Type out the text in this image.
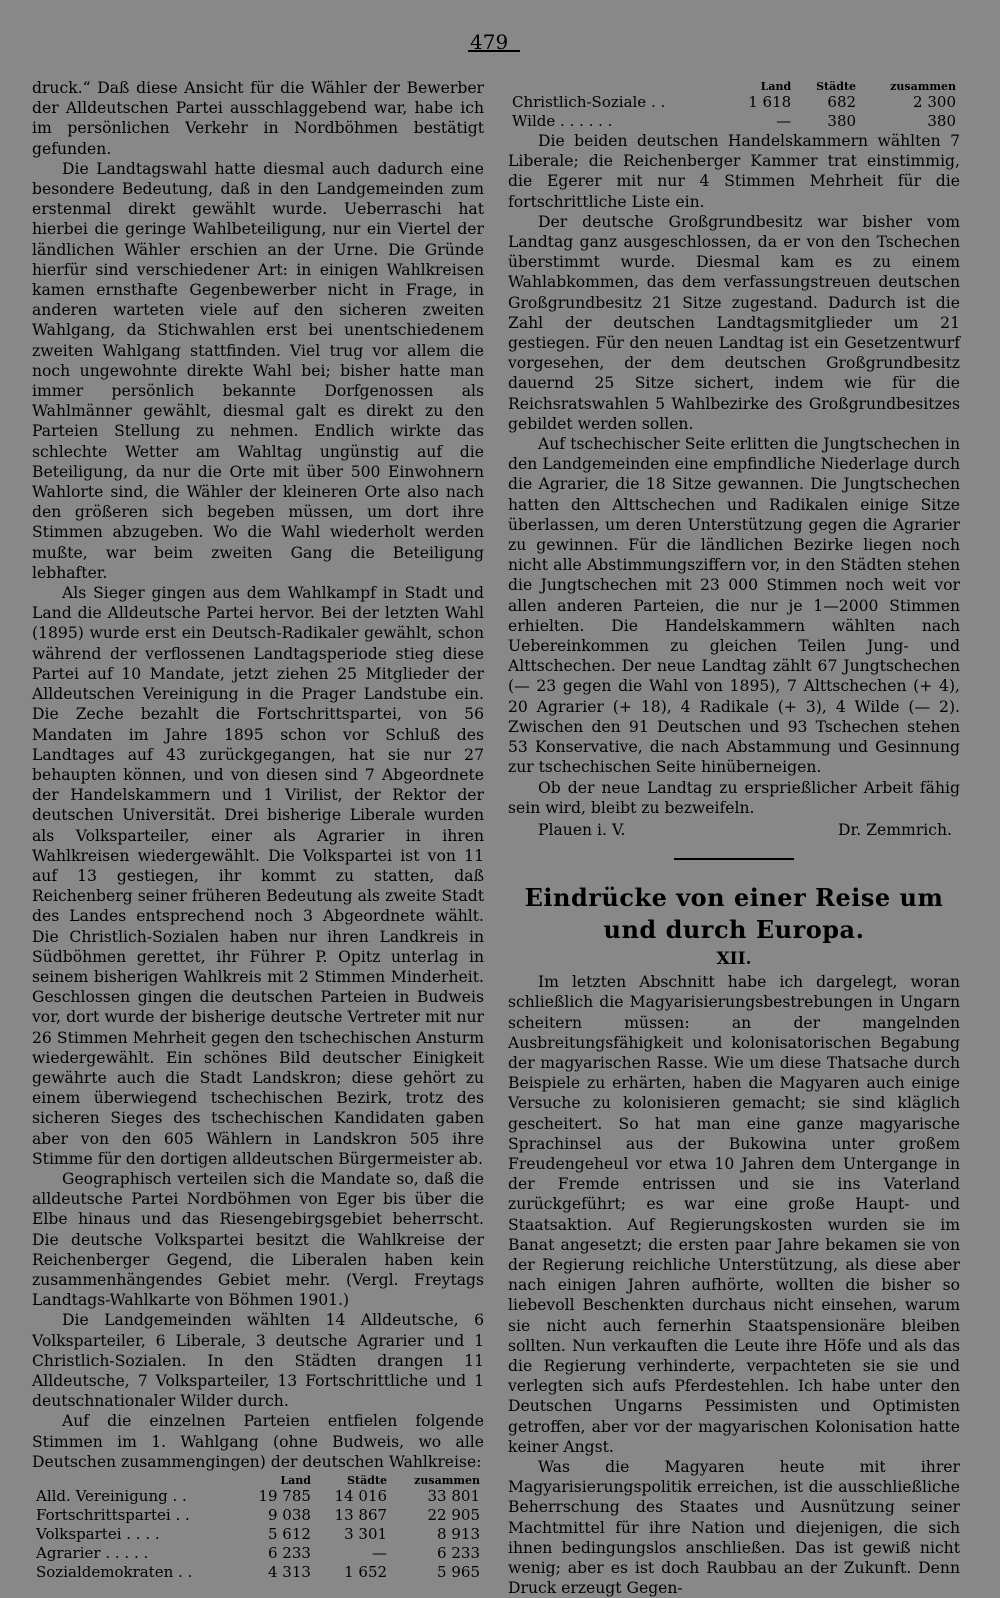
479

druck.“ Daß diese Ansicht für die Wähler der Bewerber der Alldeutschen Partei ausschlaggebend war, habe ich im persönlichen Verkehr in Nordböhmen bestätigt gefunden.

Die Landtagswahl hatte diesmal auch dadurch eine besondere Bedeutung, daß in den Landgemeinden zum erstenmal direkt gewählt wurde. Ueberraschi hat hierbei die geringe Wahlbeteiligung, nur ein Viertel der ländlichen Wähler erschien an der Urne. Die Gründe hierfür sind verschiedener Art: in einigen Wahlkreisen kamen ernsthafte Gegenbewerber nicht in Frage, in anderen warteten viele auf den sicheren zweiten Wahlgang, da Stichwahlen erst bei unentschiedenem zweiten Wahlgang stattfinden. Viel trug vor allem die noch ungewohnte direkte Wahl bei; bisher hatte man immer persönlich bekannte Dorfgenossen als Wahlmänner gewählt, diesmal galt es direkt zu den Parteien Stellung zu nehmen. Endlich wirkte das schlechte Wetter am Wahltag ungünstig auf die Beteiligung, da nur die Orte mit über 500 Einwohnern Wahlorte sind, die Wähler der kleineren Orte also nach den größeren sich begeben müssen, um dort ihre Stimmen abzugeben. Wo die Wahl wiederholt werden mußte, war beim zweiten Gang die Beteiligung lebhafter.

Als Sieger gingen aus dem Wahlkampf in Stadt und Land die Alldeutsche Partei hervor. Bei der letzten Wahl (1895) wurde erst ein Deutsch-Radikaler gewählt, schon während der verflossenen Landtagsperiode stieg diese Partei auf 10 Mandate, jetzt ziehen 25 Mitglieder der Alldeutschen Vereinigung in die Prager Landstube ein. Die Zeche bezahlt die Fortschrittspartei, von 56 Mandaten im Jahre 1895 schon vor Schluß des Landtages auf 43 zurückgegangen, hat sie nur 27 behaupten können, und von diesen sind 7 Abgeordnete der Handelskammern und 1 Virilist, der Rektor der deutschen Universität. Drei bisherige Liberale wurden als Volksparteiler, einer als Agrarier in ihren Wahlkreisen wiedergewählt. Die Volkspartei ist von 11 auf 13 gestiegen, ihr kommt zu statten, daß Reichenberg seiner früheren Bedeutung als zweite Stadt des Landes entsprechend noch 3 Abgeordnete wählt. Die Christlich-Sozialen haben nur ihren Landkreis in Südböhmen gerettet, ihr Führer P. Opitz unterlag in seinem bisherigen Wahlkreis mit 2 Stimmen Minderheit. Geschlossen gingen die deutschen Parteien in Budweis vor, dort wurde der bisherige deutsche Vertreter mit nur 26 Stimmen Mehrheit gegen den tschechischen Ansturm wiedergewählt. Ein schönes Bild deutscher Einigkeit gewährte auch die Stadt Landskron; diese gehört zu einem überwiegend tschechischen Bezirk, trotz des sicheren Sieges des tschechischen Kandidaten gaben aber von den 605 Wählern in Landskron 505 ihre Stimme für den dortigen alldeutschen Bürgermeister ab.

Geographisch verteilen sich die Mandate so, daß die alldeutsche Partei Nordböhmen von Eger bis über die Elbe hinaus und das Riesengebirgsgebiet beherrscht. Die deutsche Volkspartei besitzt die Wahlkreise der Reichenberger Gegend, die Liberalen haben kein zusammenhängendes Gebiet mehr. (Vergl. Freytags Landtags-Wahlkarte von Böhmen 1901.)

Die Landgemeinden wählten 14 Alldeutsche, 6 Volksparteiler, 6 Liberale, 3 deutsche Agrarier und 1 Christlich-Sozialen. In den Städten drangen 11 Alldeutsche, 7 Volksparteiler, 13 Fortschrittliche und 1 deutschnationaler Wilder durch.

Auf die einzelnen Parteien entfielen folgende Stimmen im 1. Wahlgang (ohne Budweis, wo alle Deutschen zusammengingen) der deutschen Wahlkreise:

	Land	Städte	zusammen
Alld. Vereinigung . .	19 785	14 016	33 801
Fortschrittspartei . .	9 038	13 867	22 905
Volkspartei . . . .	5 612	3 301	8 913
Agrarier . . . . .	6 233	—	6 233
Sozialdemokraten . .	4 313	1 652	5 965
	Land	Städte	zusammen
Christlich-Soziale . .	1 618	682	2 300
Wilde . . . . . .	—	380	380

Die beiden deutschen Handelskammern wählten 7 Liberale; die Reichenberger Kammer trat einstimmig, die Egerer mit nur 4 Stimmen Mehrheit für die fortschrittliche Liste ein.

Der deutsche Großgrundbesitz war bisher vom Landtag ganz ausgeschlossen, da er von den Tschechen überstimmt wurde. Diesmal kam es zu einem Wahlabkommen, das dem verfassungstreuen deutschen Großgrundbesitz 21 Sitze zugestand. Dadurch ist die Zahl der deutschen Landtagsmitglieder um 21 gestiegen. Für den neuen Landtag ist ein Gesetzentwurf vorgesehen, der dem deutschen Großgrundbesitz dauernd 25 Sitze sichert, indem wie für die Reichsratswahlen 5 Wahlbezirke des Großgrundbesitzes gebildet werden sollen.

Auf tschechischer Seite erlitten die Jungtschechen in den Landgemeinden eine empfindliche Niederlage durch die Agrarier, die 18 Sitze gewannen. Die Jungtschechen hatten den Alttschechen und Radikalen einige Sitze überlassen, um deren Unterstützung gegen die Agrarier zu gewinnen. Für die ländlichen Bezirke liegen noch nicht alle Abstimmungsziffern vor, in den Städten stehen die Jungtschechen mit 23 000 Stimmen noch weit vor allen anderen Parteien, die nur je 1—2000 Stimmen erhielten. Die Handelskammern wählten nach Uebereinkommen zu gleichen Teilen Jung- und Alttschechen. Der neue Landtag zählt 67 Jungtschechen (— 23 gegen die Wahl von 1895), 7 Alttschechen (+ 4), 20 Agrarier (+ 18), 4 Radikale (+ 3), 4 Wilde (— 2). Zwischen den 91 Deutschen und 93 Tschechen stehen 53 Konservative, die nach Abstammung und Gesinnung zur tschechischen Seite hinüberneigen.

Ob der neue Landtag zu ersprießlicher Arbeit fähig sein wird, bleibt zu bezweifeln.

Plauen i. V.	Dr. Zemmrich.
Eindrücke von einer Reise um und durch Europa.
XII.

Im letzten Abschnitt habe ich dargelegt, woran schließlich die Magyarisierungsbestrebungen in Ungarn scheitern müssen: an der mangelnden Ausbreitungsfähigkeit und kolonisatorischen Begabung der magyarischen Rasse. Wie um diese Thatsache durch Beispiele zu erhärten, haben die Magyaren auch einige Versuche zu kolonisieren gemacht; sie sind kläglich gescheitert. So hat man eine ganze magyarische Sprachinsel aus der Bukowina unter großem Freudengeheul vor etwa 10 Jahren dem Untergange in der Fremde entrissen und sie ins Vaterland zurückgeführt; es war eine große Haupt- und Staatsaktion. Auf Regierungskosten wurden sie im Banat angesetzt; die ersten paar Jahre bekamen sie von der Regierung reichliche Unterstützung, als diese aber nach einigen Jahren aufhörte, wollten die bisher so liebevoll Beschenkten durchaus nicht einsehen, warum sie nicht auch fernerhin Staatspensionäre bleiben sollten. Nun verkauften die Leute ihre Höfe und als das die Regierung verhinderte, verpachteten sie sie und verlegten sich aufs Pferdestehlen. Ich habe unter den Deutschen Ungarns Pessimisten und Optimisten getroffen, aber vor der magyarischen Kolonisation hatte keiner Angst.

Was die Magyaren heute mit ihrer Magyarisierungspolitik erreichen, ist die ausschließliche Beherrschung des Staates und Ausnützung seiner Machtmittel für ihre Nation und diejenigen, die sich ihnen bedingungslos anschließen. Das ist gewiß nicht wenig; aber es ist doch Raubbau an der Zukunft. Denn Druck erzeugt Gegen-
